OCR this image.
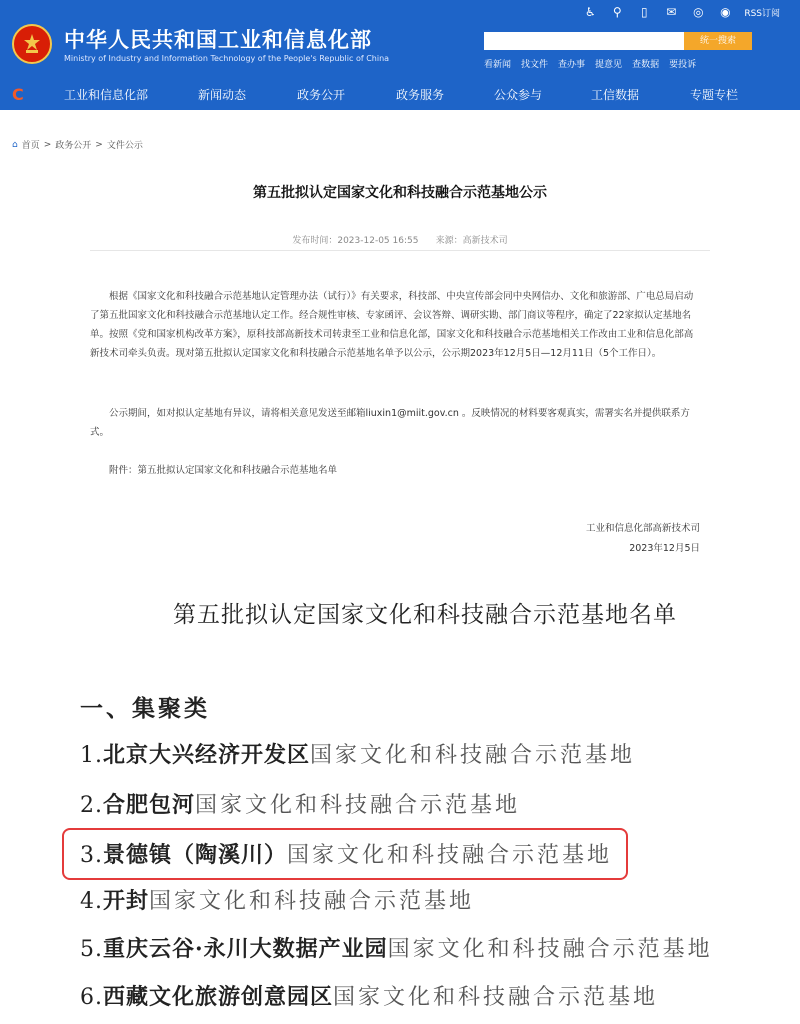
中华人民共和国工业和信息化部
Ministry of Industry and Information Technology of the People's Republic of China
♿ ⚲	▯	✉ ◎ ◉	RSS订阅
统一搜索
看新闻 找文件 查办事 提意见 查数据 要投诉
C	工业和信息化部	新闻动态	政务公开	政务服务	公众参与	工信数据	专题专栏
⌂ 首页 > 政务公开 > 文件公示
第五批拟认定国家文化和科技融合示范基地公示
发布时间：2023-12-05 16:55 来源：高新技术司
根据《国家文化和科技融合示范基地认定管理办法（试行）》有关要求，科技部、中央宣传部会同中央网信办、文化和旅游部、广电总局启动了第五批国家文化和科技融合示范基地认定工作。经合规性审核、专家函评、会议答辩、调研实勘、部门商议等程序，确定了22家拟认定基地名单。按照《党和国家机构改革方案》，原科技部高新技术司转隶至工业和信息化部，国家文化和科技融合示范基地相关工作改由工业和信息化部高新技术司牵头负责。现对第五批拟认定国家文化和科技融合示范基地名单予以公示，公示期2023年12月5日—12月11日（5个工作日）。
公示期间，如对拟认定基地有异议，请将相关意见发送至邮箱liuxin1@miit.gov.cn 。反映情况的材料要客观真实，需署实名并提供联系方式。
附件：第五批拟认定国家文化和科技融合示范基地名单
工业和信息化部高新技术司
2023年12月5日
第五批拟认定国家文化和科技融合示范基地名单
一、集聚类
1.北京大兴经济开发区国家文化和科技融合示范基地
2.合肥包河国家文化和科技融合示范基地
3.景德镇（陶溪川）国家文化和科技融合示范基地
4.开封国家文化和科技融合示范基地
5.重庆云谷·永川大数据产业园国家文化和科技融合示范基地
6.西藏文化旅游创意园区国家文化和科技融合示范基地
